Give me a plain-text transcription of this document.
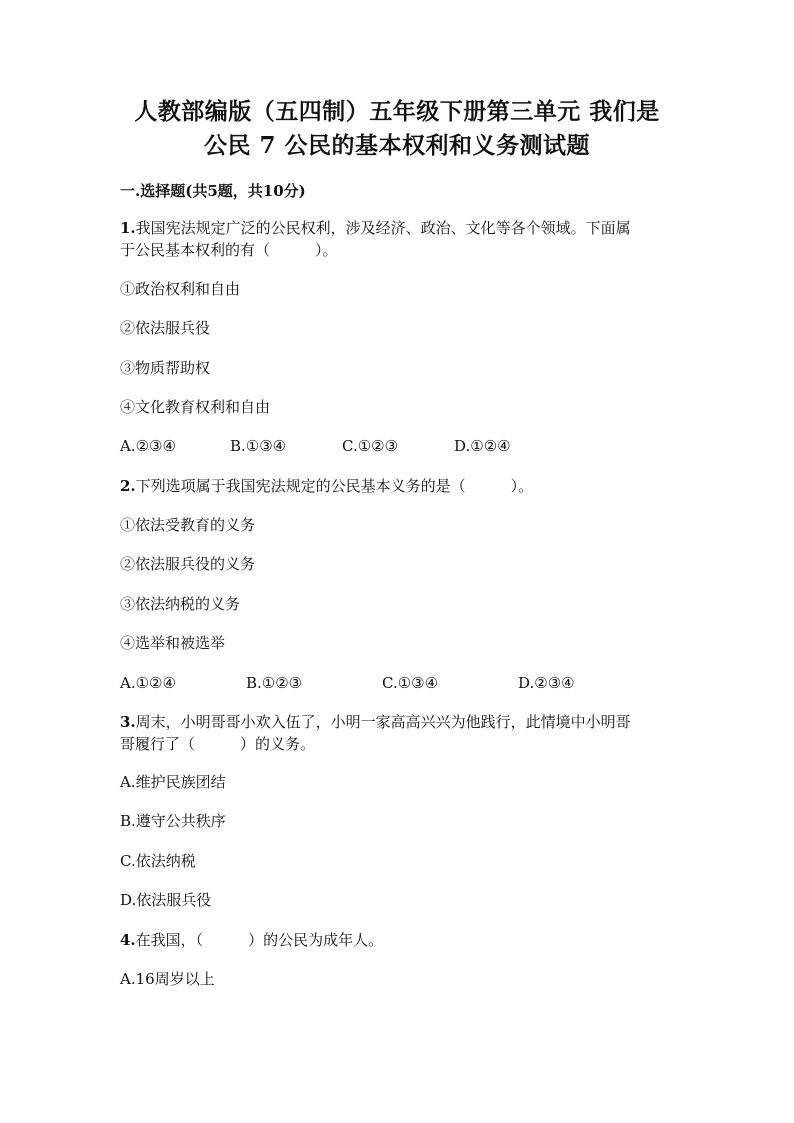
人教部编版（五四制）五年级下册第三单元 我们是
公民 7 公民的基本权利和义务测试题
一.选择题(共5题，共10分)
1.我国宪法规定广泛的公民权利，涉及经济、政治、文化等各个领域。下面属
于公民基本权利的有（　　　）。
①政治权利和自由
②依法服兵役
③物质帮助权
④文化教育权利和自由
A.②③④	B.①③④	C.①②③	D.①②④
2.下列选项属于我国宪法规定的公民基本义务的是（　　　）。
①依法受教育的义务
②依法服兵役的义务
③依法纳税的义务
④选举和被选举
A.①②④	B.①②③	C.①③④	D.②③④
3.周末，小明哥哥小欢入伍了，小明一家高高兴兴为他践行，此情境中小明哥
哥履行了（　　　）的义务。
A.维护民族团结
B.遵守公共秩序
C.依法纳税
D.依法服兵役
4.在我国，（　　　）的公民为成年人。
A.16周岁以上
